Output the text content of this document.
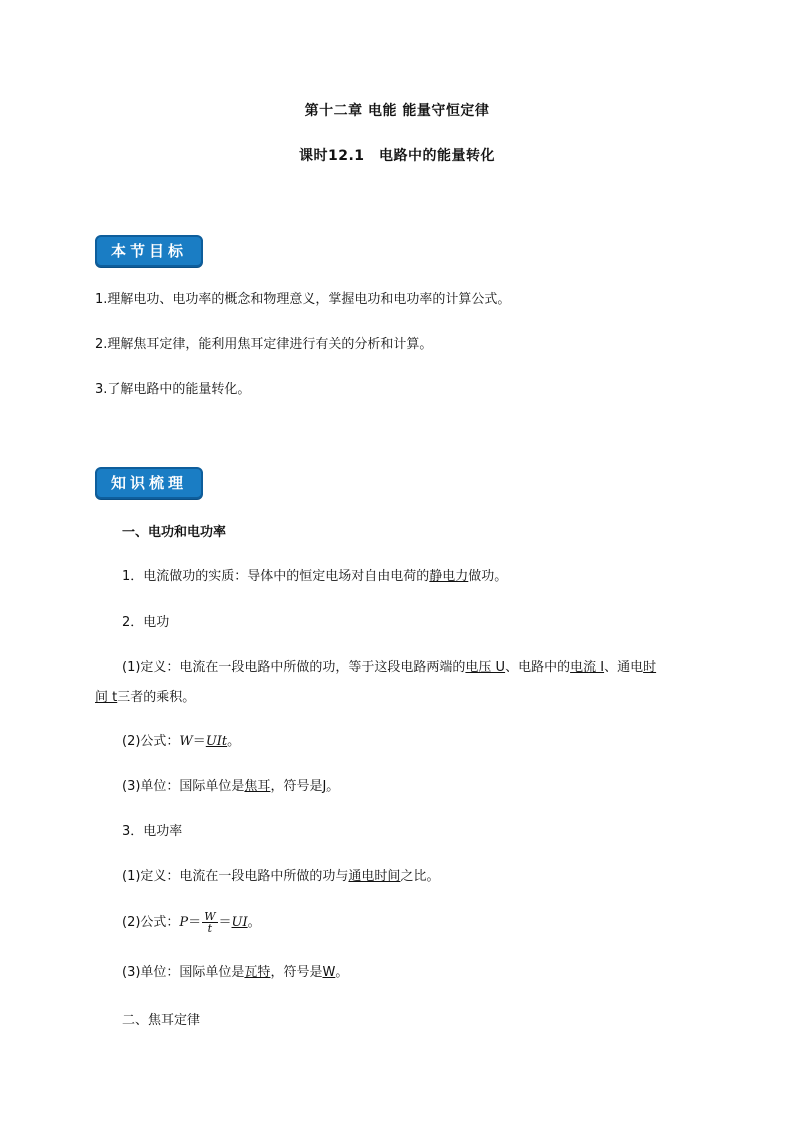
第十二章 电能 能量守恒定律
课时12.1　电路中的能量转化
本节目标
1.理解电功、电功率的概念和物理意义，掌握电功和电功率的计算公式。
2.理解焦耳定律，能利用焦耳定律进行有关的分析和计算。
3.了解电路中的能量转化。
知识梳理
一、电功和电功率
1．电流做功的实质：导体中的恒定电场对自由电荷的静电力做功。
2．电功
(1)定义：电流在一段电路中所做的功，等于这段电路两端的电压 U、电路中的电流 I、通电时
间 t三者的乘积。
(2)公式：W＝UIt。
(3)单位：国际单位是焦耳，符号是J。
3．电功率
(1)定义：电流在一段电路中所做的功与通电时间之比。
(2)公式：$P= \frac{W}{t} =UI$。
(3)单位：国际单位是瓦特，符号是W。
二、焦耳定律
